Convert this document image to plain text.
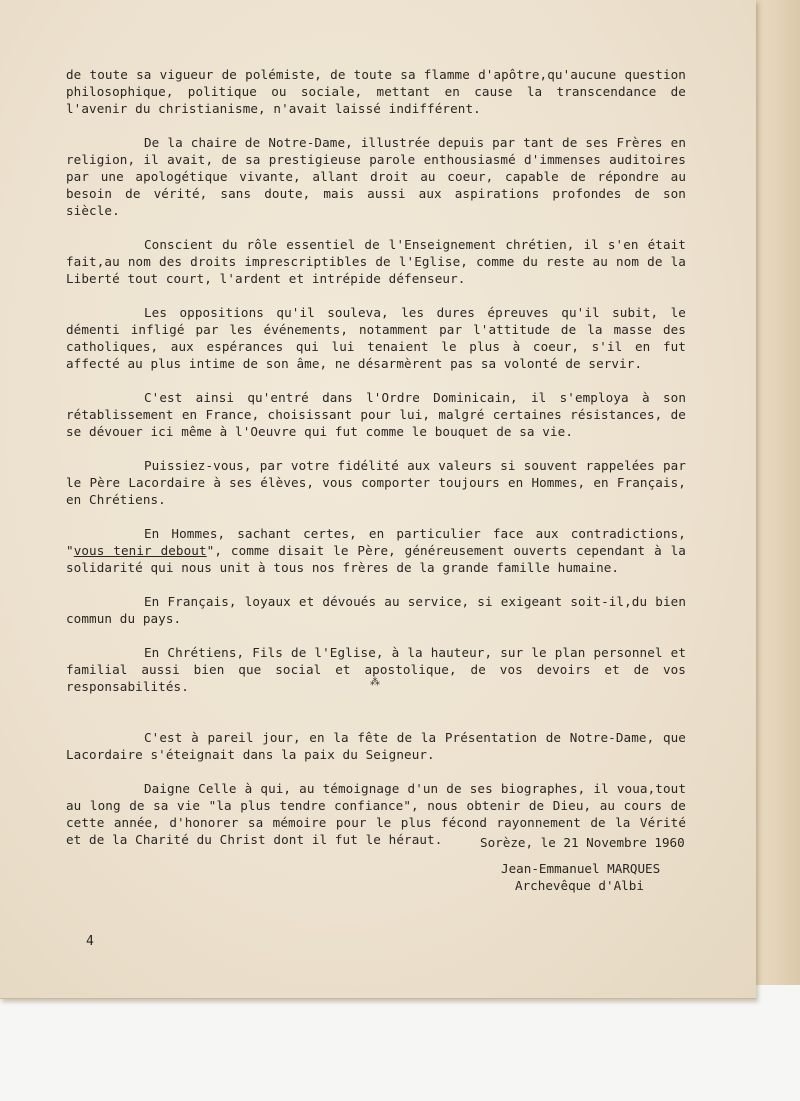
de toute sa vigueur de polémiste, de toute sa flamme d'apôtre,qu'aucune question philosophique, politique ou sociale, mettant en cause la transcendance de l'avenir du christianisme, n'avait laissé indifférent.

De la chaire de Notre-Dame, illustrée depuis par tant de ses Frères en religion, il avait, de sa prestigieuse parole enthousiasmé d'immenses auditoires par une apologétique vivante, allant droit au coeur, capable de répondre au besoin de vérité, sans doute, mais aussi aux aspirations profondes de son siècle.

Conscient du rôle essentiel de l'Enseignement chrétien, il s'en était fait,au nom des droits imprescriptibles de l'Eglise, comme du reste au nom de la Liberté tout court, l'ardent et intrépide défenseur.

Les oppositions qu'il souleva, les dures épreuves qu'il subit, le démenti infligé par les événements, notamment par l'attitude de la masse des catholiques, aux espérances qui lui tenaient le plus à coeur, s'il en fut affecté au plus intime de son âme, ne désarmèrent pas sa volonté de servir.

C'est ainsi qu'entré dans l'Ordre Dominicain, il s'employa à son rétablissement en France, choisissant pour lui, malgré certaines résistances, de se dévouer ici même à l'Oeuvre qui fut comme le bouquet de sa vie.

Puissiez-vous, par votre fidélité aux valeurs si souvent rappelées par le Père Lacordaire à ses élèves, vous comporter toujours en Hommes, en Français, en Chrétiens.

En Hommes, sachant certes, en particulier face aux contradictions, "vous tenir debout", comme disait le Père, généreusement ouverts cependant à la solidarité qui nous unit à tous nos frères de la grande famille humaine.

En Français, loyaux et dévoués au service, si exigeant soit-il,du bien commun du pays.

En Chrétiens, Fils de l'Eglise, à la hauteur, sur le plan personnel et familial aussi bien que social et apostolique, de vos devoirs et de vos responsabilités.

C'est à pareil jour, en la fête de la Présentation de Notre-Dame, que Lacordaire s'éteignait dans la paix du Seigneur.

Daigne Celle à qui, au témoignage d'un de ses biographes, il voua,tout au long de sa vie "la plus tendre confiance", nous obtenir de Dieu, au cours de cette année, d'honorer sa mémoire pour le plus fécond rayonnement de la Vérité et de la Charité du Christ dont il fut le héraut.

⁂
Sorèze, le 21 Novembre 1960
Jean-Emmanuel MARQUES
Archevêque d'Albi
4
